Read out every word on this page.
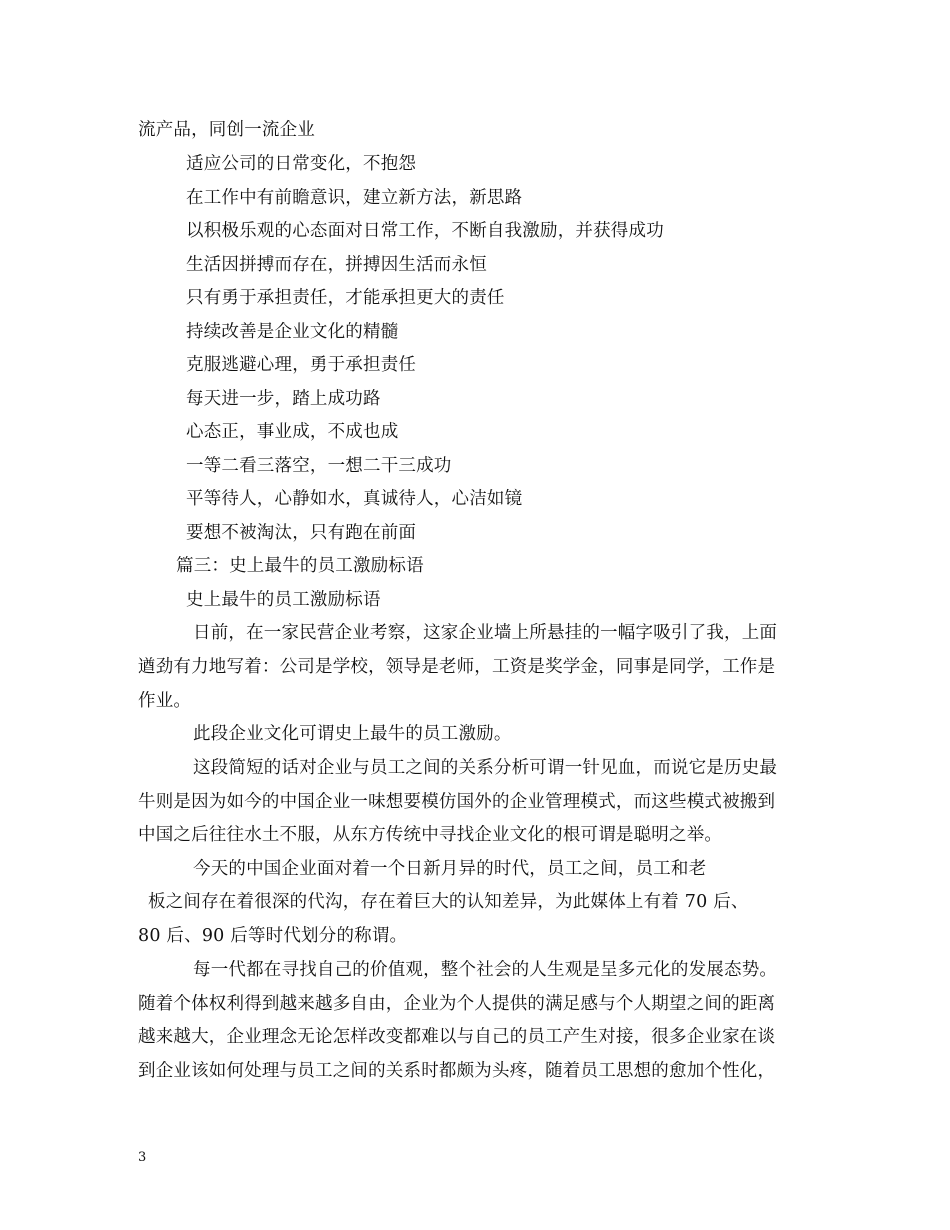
流产品，同创一流企业
适应公司的日常变化，不抱怨
在工作中有前瞻意识，建立新方法，新思路
以积极乐观的心态面对日常工作，不断自我激励，并获得成功
生活因拼搏而存在，拼搏因生活而永恒
只有勇于承担责任，才能承担更大的责任
持续改善是企业文化的精髓
克服逃避心理，勇于承担责任
每天进一步，踏上成功路
心态正，事业成，不成也成
一等二看三落空，一想二干三成功
平等待人，心静如水，真诚待人，心洁如镜
要想不被淘汰，只有跑在前面
篇三：史上最牛的员工激励标语
史上最牛的员工激励标语
日前，在一家民营企业考察，这家企业墙上所悬挂的一幅字吸引了我，上面
遒劲有力地写着：公司是学校，领导是老师，工资是奖学金，同事是同学，工作是
作业。
此段企业文化可谓史上最牛的员工激励。
这段简短的话对企业与员工之间的关系分析可谓一针见血，而说它是历史最
牛则是因为如今的中国企业一味想要模仿国外的企业管理模式，而这些模式被搬到
中国之后往往水土不服，从东方传统中寻找企业文化的根可谓是聪明之举。
今天的中国企业面对着一个日新月异的时代，员工之间，员工和老
板之间存在着很深的代沟，存在着巨大的认知差异，为此媒体上有着 70 后、
80 后、90 后等时代划分的称谓。
每一代都在寻找自己的价值观，整个社会的人生观是呈多元化的发展态势。
随着个体权利得到越来越多自由，企业为个人提供的满足感与个人期望之间的距离
越来越大，企业理念无论怎样改变都难以与自己的员工产生对接，很多企业家在谈
到企业该如何处理与员工之间的关系时都颇为头疼，随着员工思想的愈加个性化，
3
